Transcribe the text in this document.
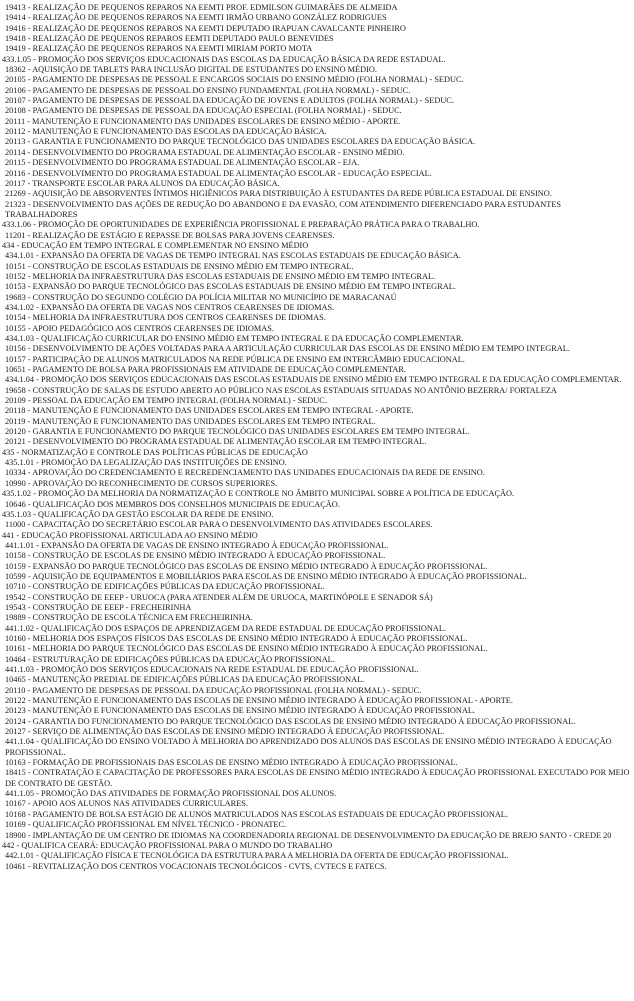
19413 - REALIZAÇÃO DE PEQUENOS REPAROS NA EEMTI PROF. EDMILSON GUIMARÃES DE ALMEIDA

19414 - REALIZAÇÃO DE PEQUENOS REPAROS NA EEMTI IRMÃO URBANO GONZÁLEZ RODRIGUES

19416 - REALIZAÇÃO DE PEQUENOS REPAROS NA EEMTI DEPUTADO IRAPUAN CAVALCANTE PINHEIRO

19418 - REALIZAÇÃO DE PEQUENOS REPAROS EEMTI DEPUTADO PAULO BENEVIDES

19419 - REALIZAÇÃO DE PEQUENOS REPAROS NA EEMTI MIRIAM PORTO MOTA

433.1.05 - PROMOÇÃO DOS SERVIÇOS EDUCACIONAIS DAS ESCOLAS DA EDUCAÇÃO BÁSICA DA REDE ESTADUAL.

18362 - AQUISIÇÃO DE TABLETS PARA INCLUSÃO DIGITAL DE ESTUDANTES DO ENSINO MÉDIO.

20105 - PAGAMENTO DE DESPESAS DE PESSOAL E ENCARGOS SOCIAIS DO ENSINO MÉDIO (FOLHA NORMAL) - SEDUC.

20106 - PAGAMENTO DE DESPESAS DE PESSOAL DO ENSINO FUNDAMENTAL (FOLHA NORMAL) - SEDUC.

20107 - PAGAMENTO DE DESPESAS DE PESSOAL DA EDUCAÇÃO DE JOVENS E ADULTOS (FOLHA NORMAL) - SEDUC.

20108 - PAGAMENTO DE DESPESAS DE PESSOAL DA EDUCAÇÃO ESPECIAL (FOLHA NORMAL) - SEDUC.

20111 - MANUTENÇÃO E FUNCIONAMENTO DAS UNIDADES ESCOLARES DE ENSINO MÉDIO - APORTE.

20112 - MANUTENÇÃO E FUNCIONAMENTO DAS ESCOLAS DA EDUCAÇÃO BÁSICA.

20113 - GARANTIA E FUNCIONAMENTO DO PARQUE TECNOLÓGICO DAS UNIDADES ESCOLARES DA EDUCAÇÃO BÁSICA.

20114 - DESENVOLVIMENTO DO PROGRAMA ESTADUAL DE ALIMENTAÇÃO ESCOLAR - ENSINO MÉDIO.

20115 - DESENVOLVIMENTO DO PROGRAMA ESTADUAL DE ALIMENTAÇÃO ESCOLAR - EJA.

20116 - DESENVOLVIMENTO DO PROGRAMA ESTADUAL DE ALIMENTAÇÃO ESCOLAR - EDUCAÇÃO ESPECIAL.

20117 - TRANSPORTE ESCOLAR PARA ALUNOS DA EDUCAÇÃO BÁSICA.

21269 - AQUISIÇÃO DE ABSORVENTES ÍNTIMOS HIGIÊNICOS PARA DISTRIBUIÇÃO À ESTUDANTES DA REDE PÚBLICA ESTADUAL DE ENSINO.

21323 - DESENVOLVIMENTO DAS AÇÕES DE REDUÇÃO DO ABANDONO E DA EVASÃO, COM ATENDIMENTO DIFERENCIADO PARA ESTUDANTES TRABALHADORES

433.1.06 - PROMOÇÃO DE OPORTUNIDADES DE EXPERIÊNCIA PROFISSIONAL E PREPARAÇÃO PRÁTICA PARA O TRABALHO.

11201 - REALIZAÇÃO DE ESTÁGIO E REPASSE DE BOLSAS PARA JOVENS CEARENSES.

434 - EDUCAÇÃO EM TEMPO INTEGRAL E COMPLEMENTAR NO ENSINO MÉDIO

434.1.01 - EXPANSÃO DA OFERTA DE VAGAS DE TEMPO INTEGRAL NAS ESCOLAS ESTADUAIS DE EDUCAÇÃO BÁSICA.

10151 - CONSTRUÇÃO DE ESCOLAS ESTADUAIS DE ENSINO MÉDIO EM TEMPO INTEGRAL.

10152 - MELHORIA DA INFRAESTRUTURA DAS ESCOLAS ESTADUAIS DE ENSINO MÉDIO EM TEMPO INTEGRAL.

10153 - EXPANSÃO DO PARQUE TECNOLÓGICO DAS ESCOLAS ESTADUAIS DE ENSINO MÉDIO EM TEMPO INTEGRAL.

19683 - CONSTRUÇÃO DO SEGUNDO COLÉGIO DA POLÍCIA MILITAR NO MUNICÍPIO DE MARACANAÚ

434.1.02 - EXPANSÃO DA OFERTA DE VAGAS NOS CENTROS CEARENSES DE IDIOMAS.

10154 - MELHORIA DA INFRAESTRUTURA DOS CENTROS CEARENSES DE IDIOMAS.

10155 - APOIO PEDAGÓGICO AOS CENTROS CEARENSES DE IDIOMAS.

434.1.03 - QUALIFICAÇÃO CURRICULAR DO ENSINO MÉDIO EM TEMPO INTEGRAL E DA EDUCAÇÃO COMPLEMENTAR.

10156 - DESENVOLVIMENTO DE AÇÕES VOLTADAS PARA A ARTICULAÇÃO CURRICULAR DAS ESCOLAS DE ENSINO MÉDIO EM TEMPO INTEGRAL.

10157 - PARTICIPAÇÃO DE ALUNOS MATRICULADOS NA REDE PÚBLICA DE ENSINO EM INTERCÂMBIO EDUCACIONAL.

10651 - PAGAMENTO DE BOLSA PARA PROFISSIONAIS EM ATIVIDADE DE EDUCAÇÃO COMPLEMENTAR.

434.1.04 - PROMOÇÃO DOS SERVIÇOS EDUCACIONAIS DAS ESCOLAS ESTADUAIS DE ENSINO MÉDIO EM TEMPO INTEGRAL E DA EDUCAÇÃO COMPLEMENTAR.

19658 - CONSTRUÇÃO DE SALAS DE ESTUDO ABERTO AO PÚBLICO NAS ESCOLAS ESTADUAIS SITUADAS NO ANTÔNIO BEZERRA/ FORTALEZA

20109 - PESSOAL DA EDUCAÇÃO EM TEMPO INTEGRAL (FOLHA NORMAL) - SEDUC.

20118 - MANUTENÇÃO E FUNCIONAMENTO DAS UNIDADES ESCOLARES EM TEMPO INTEGRAL - APORTE.

20119 - MANUTENÇÃO E FUNCIONAMENTO DAS UNIDADES ESCOLARES EM TEMPO INTEGRAL.

20120 - GARANTIA E FUNCIONAMENTO DO PARQUE TECNOLÓGICO DAS UNIDADES ESCOLARES EM TEMPO INTEGRAL.

20121 - DESENVOLVIMENTO DO PROGRAMA ESTADUAL DE ALIMENTAÇÃO ESCOLAR EM TEMPO INTEGRAL.

435 - NORMATIZAÇÃO E CONTROLE DAS POLÍTICAS PÚBLICAS DE EDUCAÇÃO

435.1.01 - PROMOÇÃO DA LEGALIZAÇÃO DAS INSTITUIÇÕES DE ENSINO.

10334 - APROVAÇÃO DO CREDENCIAMENTO E RECREDENCIAMENTO DAS UNIDADES EDUCACIONAIS DA REDE DE ENSINO.

10990 - APROVAÇÃO DO RECONHECIMENTO DE CURSOS SUPERIORES.

435.1.02 - PROMOÇÃO DA MELHORIA DA NORMATIZAÇÃO E CONTROLE NO ÂMBITO MUNICIPAL SOBRE A POLÍTICA DE EDUCAÇÃO.

10646 - QUALIFICAÇÃO DOS MEMBROS DOS CONSELHOS MUNICIPAIS DE EDUCAÇÃO.

435.1.03 - QUALIFICAÇÃO DA GESTÃO ESCOLAR DA REDE DE ENSINO.

11000 - CAPACITAÇÃO DO SECRETÁRIO ESCOLAR PARA O DESENVOLVIMENTO DAS ATIVIDADES ESCOLARES.

441 - EDUCAÇÃO PROFISSIONAL ARTICULADA AO ENSINO MÉDIO

441.1.01 - EXPANSÃO DA OFERTA DE VAGAS DE ENSINO INTEGRADO À EDUCAÇÃO PROFISSIONAL.

10158 - CONSTRUÇÃO DE ESCOLAS DE ENSINO MÉDIO INTEGRADO À EDUCAÇÃO PROFISSIONAL.

10159 - EXPANSÃO DO PARQUE TECNOLÓGICO DAS ESCOLAS DE ENSINO MÉDIO INTEGRADO À EDUCAÇÃO PROFISSIONAL.

10599 - AQUISIÇÃO DE EQUIPAMENTOS E MOBILIÁRIOS PARA ESCOLAS DE ENSINO MÉDIO INTEGRADO À EDUCAÇÃO PROFISSIONAL.

10710 - CONSTRUÇÃO DE EDIFICAÇÕES PÚBLICAS DA EDUCAÇÃO PROFISSIONAL.

19542 - CONSTRUÇÃO DE EEEP - URUOCA (PARA ATENDER ALÉM DE URUOCA, MARTINÓPOLE E SENADOR SÁ)

19543 - CONSTRUÇÃO DE EEEP - FRECHEIRINHA

19889 - CONSTRUÇÃO DE ESCOLA TÉCNICA EM FRECHEIRINHA.

441.1.02 - QUALIFICAÇÃO DOS ESPAÇOS DE APRENDIZAGEM DA REDE ESTADUAL DE EDUCAÇÃO PROFISSIONAL.

10160 - MELHORIA DOS ESPAÇOS FÍSICOS DAS ESCOLAS DE ENSINO MÉDIO INTEGRADO À EDUCAÇÃO PROFISSIONAL.

10161 - MELHORIA DO PARQUE TECNOLÓGICO DAS ESCOLAS DE ENSINO MÉDIO INTEGRADO À EDUCAÇÃO PROFISSIONAL.

10464 - ESTRUTURAÇÃO DE EDIFICAÇÕES PÚBLICAS DA EDUCAÇÃO PROFISSIONAL.

441.1.03 - PROMOÇÃO DOS SERVIÇOS EDUCACIONAIS NA REDE ESTADUAL DE EDUCAÇÃO PROFISSIONAL.

10465 - MANUTENÇÃO PREDIAL DE EDIFICAÇÕES PÚBLICAS DA EDUCAÇÃO PROFISSIONAL.

20110 - PAGAMENTO DE DESPESAS DE PESSOAL DA EDUCAÇÃO PROFISSIONAL (FOLHA NORMAL) - SEDUC.

20122 - MANUTENÇÃO E FUNCIONAMENTO DAS ESCOLAS DE ENSINO MÉDIO INTEGRADO À EDUCAÇÃO PROFISSIONAL - APORTE.

20123 - MANUTENÇÃO E FUNCIONAMENTO DAS ESCOLAS DE ENSINO MÉDIO INTEGRADO À EDUCAÇÃO PROFISSIONAL.

20124 - GARANTIA DO FUNCIONAMENTO DO PARQUE TECNOLÓGICO DAS ESCOLAS DE ENSINO MÉDIO INTEGRADO À EDUCAÇÃO PROFISSIONAL.

20127 - SERVIÇO DE ALIMENTAÇÃO DAS ESCOLAS DE ENSINO MÉDIO INTEGRADO À EDUCAÇÃO PROFISSIONAL.

441.1.04 - QUALIFICAÇÃO DO ENSINO VOLTADO À MELHORIA DO APRENDIZADO DOS ALUNOS DAS ESCOLAS DE ENSINO MÉDIO INTEGRADO À EDUCAÇÃO PROFISSIONAL.

10163 - FORMAÇÃO DE PROFISSIONAIS DAS ESCOLAS DE ENSINO MÉDIO INTEGRADO À EDUCAÇÃO PROFISSIONAL.

18415 - CONTRATAÇÃO E CAPACITAÇÃO DE PROFESSORES PARA ESCOLAS DE ENSINO MÉDIO INTEGRADO À EDUCAÇÃO PROFISSIONAL EXECUTADO POR MEIO DE CONTRATO DE GESTÃO.

441.1.05 - PROMOÇÃO DAS ATIVIDADES DE FORMAÇÃO PROFISSIONAL DOS ALUNOS.

10167 - APOIO AOS ALUNOS NAS ATIVIDADES CURRICULARES.

10168 - PAGAMENTO DE BOLSA ESTÁGIO DE ALUNOS MATRICULADOS NAS ESCOLAS ESTADUAIS DE EDUCAÇÃO PROFISSIONAL.

10169 - QUALIFICAÇÃO PROFISSIONAL EM NÍVEL TÉCNICO - PRONATEC.

18900 - IMPLANTAÇÃO DE UM CENTRO DE IDIOMAS NA COORDENADORIA REGIONAL DE DESENVOLVIMENTO DA EDUCAÇÃO DE BREJO SANTO - CREDE 20

442 - QUALIFICA CEARÁ: EDUCAÇÃO PROFISSIONAL PARA O MUNDO DO TRABALHO

442.1.01 - QUALIFICAÇÃO FÍSICA E TECNOLÓGICA DA ESTRUTURA PARA A MELHORIA DA OFERTA DE EDUCAÇÃO PROFISSIONAL.

10461 - REVITALIZAÇÃO DOS CENTROS VOCACIONAIS TECNOLÓGICOS - CVTS, CVTECS E FATECS.
